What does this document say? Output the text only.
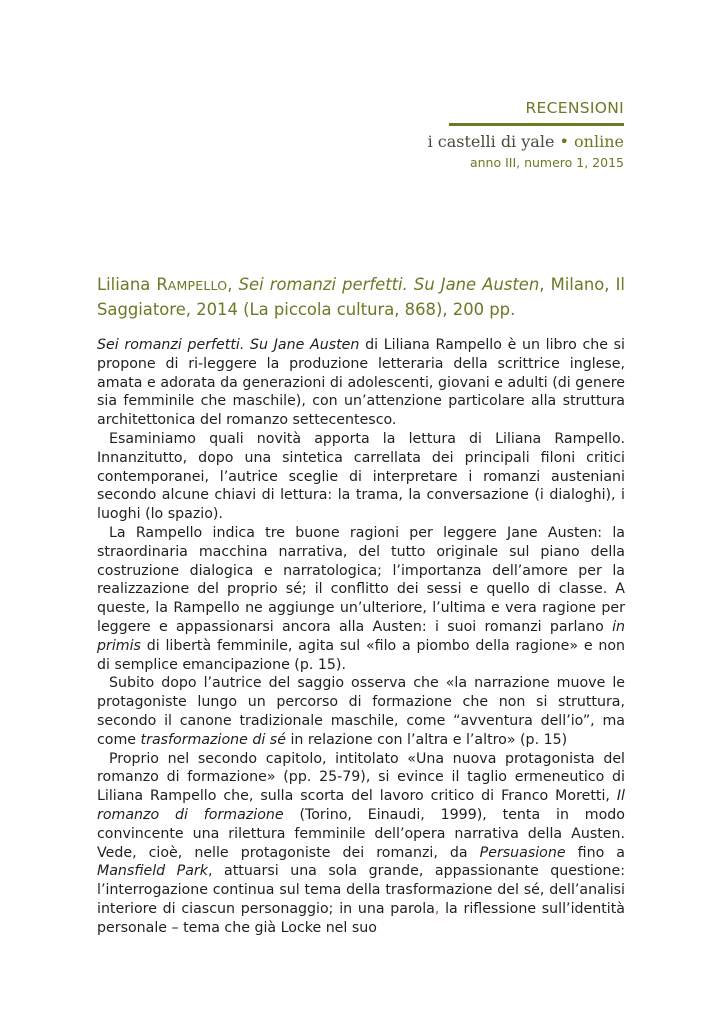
RECENSIONI
i castelli di yale • online
anno III, numero 1, 2015
Liliana RAMPELLO, Sei romanzi perfetti. Su Jane Austen, Milano, Il Saggiatore, 2014 (La piccola cultura, 868), 200 pp.

Sei romanzi perfetti. Su Jane Austen di Liliana Rampello è un libro che si propone di ri-leggere la produzione letteraria della scrittrice inglese, amata e adorata da generazioni di adolescenti, giovani e adulti (di genere sia femminile che maschile), con un’attenzione particolare alla struttura architettonica del romanzo settecentesco.

Esaminiamo quali novità apporta la lettura di Liliana Rampello. Innanzitutto, dopo una sintetica carrellata dei principali filoni critici contemporanei, l’autrice sceglie di interpretare i romanzi austeniani secondo alcune chiavi di lettura: la trama, la conversazione (i dialoghi), i luoghi (lo spazio).

La Rampello indica tre buone ragioni per leggere Jane Austen: la straordinaria macchina narrativa, del tutto originale sul piano della costruzione dialogica e narratologica; l’importanza dell’amore per la realizzazione del proprio sé; il conflitto dei sessi e quello di classe. A queste, la Rampello ne aggiunge un’ulteriore, l’ultima e vera ragione per leggere e appassionarsi ancora alla Austen: i suoi romanzi parlano in primis di libertà femminile, agita sul «filo a piombo della ragione» e non di semplice emancipazione (p. 15).

Subito dopo l’autrice del saggio osserva che «la narrazione muove le protagoniste lungo un percorso di formazione che non si struttura, secondo il canone tradizionale maschile, come “avventura dell’io”, ma come trasformazione di sé in relazione con l’altra e l’altro» (p. 15)

Proprio nel secondo capitolo, intitolato «Una nuova protagonista del romanzo di formazione» (pp. 25-79), si evince il taglio ermeneutico di Liliana Rampello che, sulla scorta del lavoro critico di Franco Moretti, Il romanzo di formazione (Torino, Einaudi, 1999), tenta in modo convincente una rilettura femminile dell’opera narrativa della Austen. Vede, cioè, nelle protagoniste dei romanzi, da Persuasione fino a Mansfield Park, attuarsi una sola grande, appassionante questione: l’interrogazione continua sul tema della trasformazione del sé, dell’analisi interiore di ciascun personaggio; in una parola, la riflessione sull’identità personale – tema che già Locke nel suo
